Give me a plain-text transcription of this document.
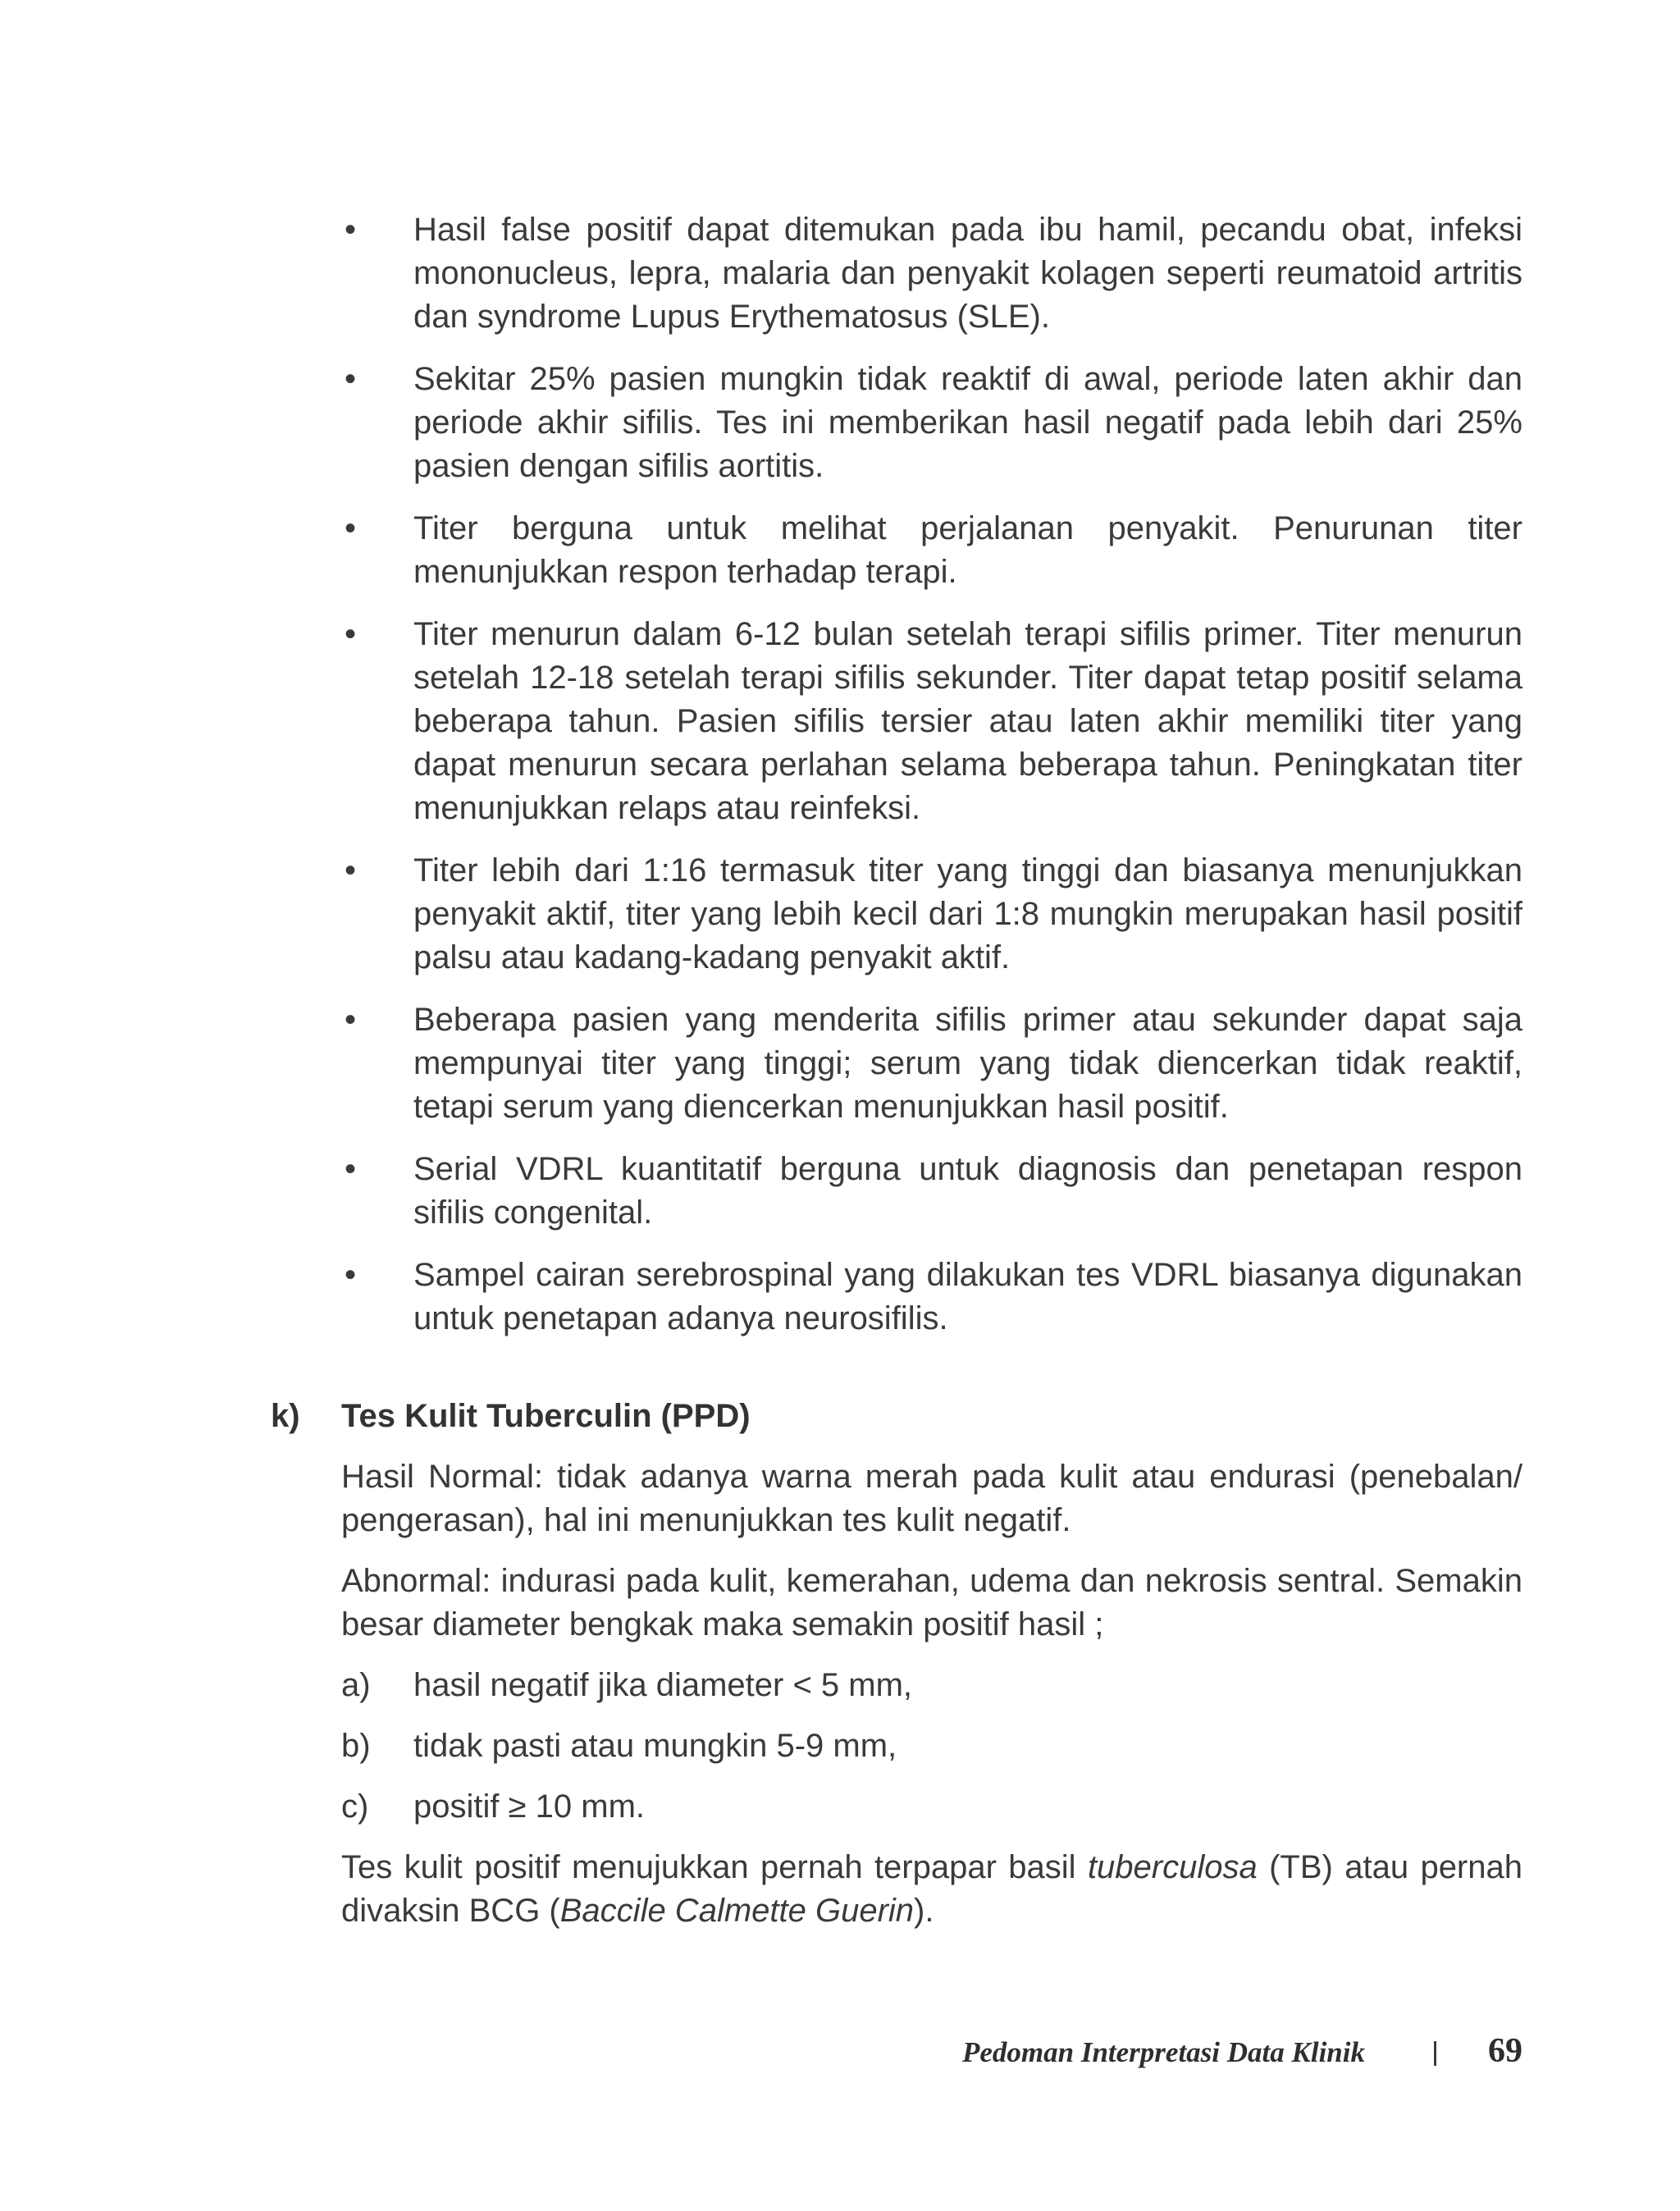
• Hasil false positif dapat ditemukan pada ibu hamil, pecandu obat, infeksi mononucleus, lepra, malaria dan penyakit kolagen seperti reumatoid artritis dan syndrome Lupus Erythematosus (SLE).
• Sekitar 25% pasien mungkin tidak reaktif di awal, periode laten akhir dan periode akhir sifilis. Tes ini memberikan hasil negatif pada lebih dari 25% pasien dengan sifilis aortitis.
• Titer berguna untuk melihat perjalanan penyakit. Penurunan titer menunjukkan respon terhadap terapi.
• Titer menurun dalam 6-12 bulan setelah terapi sifilis primer. Titer menurun setelah 12-18 setelah terapi sifilis sekunder. Titer dapat tetap positif selama beberapa tahun. Pasien sifilis tersier atau laten akhir memiliki titer yang dapat menurun secara perlahan selama beberapa tahun. Peningkatan titer menunjukkan relaps atau reinfeksi.
• Titer lebih dari 1:16 termasuk titer yang tinggi dan biasanya menunjukkan penyakit aktif, titer yang lebih kecil dari 1:8 mungkin merupakan hasil positif palsu atau kadang-kadang penyakit aktif.
• Beberapa pasien yang menderita sifilis primer atau sekunder dapat saja mempunyai titer yang tinggi; serum yang tidak diencerkan tidak reaktif, tetapi serum yang diencerkan menunjukkan hasil positif.
• Serial VDRL kuantitatif berguna untuk diagnosis dan penetapan respon sifilis congenital.
• Sampel cairan serebrospinal yang dilakukan tes VDRL biasanya digunakan untuk penetapan adanya neurosifilis.
k) Tes Kulit Tuberculin (PPD)

Hasil Normal: tidak adanya warna merah pada kulit atau endurasi (penebalan/ pengerasan), hal ini menunjukkan tes kulit negatif.

Abnormal: indurasi pada kulit, kemerahan, udema dan nekrosis sentral. Semakin besar diameter bengkak maka semakin positif hasil ;

a) hasil negatif jika diameter < 5 mm,
b) tidak pasti atau mungkin 5-9 mm,
c) positif ≥ 10 mm.

Tes kulit positif menujukkan pernah terpapar basil tuberculosa (TB) atau pernah divaksin BCG (Baccile Calmette Guerin).

Pedoman Interpretasi Data Klinik	69
